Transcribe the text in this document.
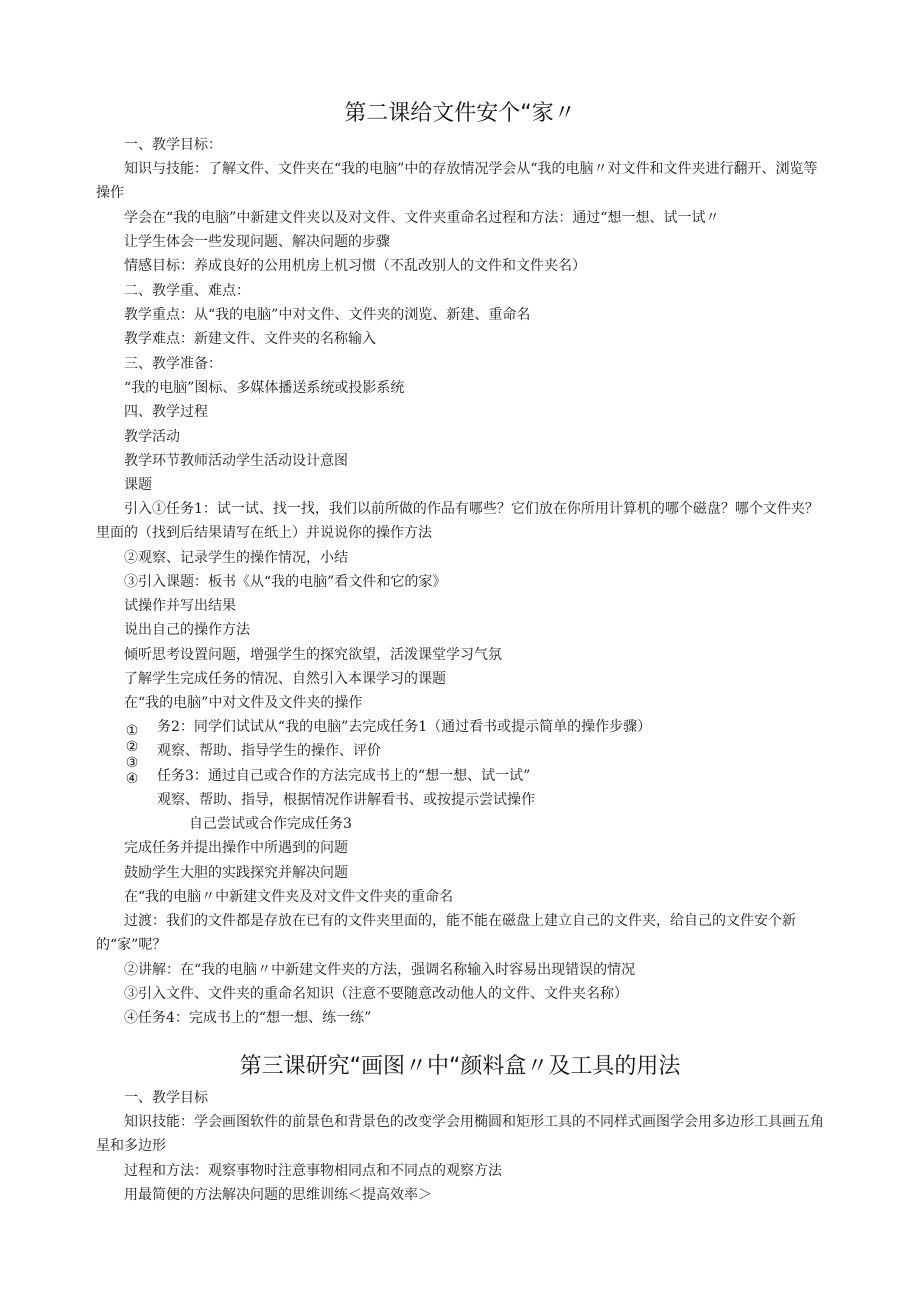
第二课给文件安个“家〃
一、教学目标：
知识与技能：了解文件、文件夹在“我的电脑”中的存放情况学会从“我的电脑〃对文件和文件夹进行翻开、浏览等操作
学会在“我的电脑”中新建文件夹以及对文件、文件夹重命名过程和方法：通过“想一想、试一试〃
让学生体会一些发现问题、解决问题的步骤
情感目标：养成良好的公用机房上机习惯（不乱改别人的文件和文件夹名）
二、教学重、难点：
教学重点：从“我的电脑”中对文件、文件夹的浏览、新建、重命名
教学难点：新建文件、文件夹的名称输入
三、教学准备：
“我的电脑”图标、多媒体播送系统或投影系统
四、教学过程
教学活动
教学环节教师活动学生活动设计意图
课题
引入①任务1：试一试、找一找，我们以前所做的作品有哪些？它们放在你所用计算机的哪个磁盘？哪个文件夹？里面的（找到后结果请写在纸上）并说说你的操作方法
②观察、记录学生的操作情况，小结
③引入课题：板书《从“我的电脑”看文件和它的家》
试操作并写出结果
说出自己的操作方法
倾听思考设置问题，增强学生的探究欲望，活泼课堂学习气氛
了解学生完成任务的情况、自然引入本课学习的课题
在“我的电脑”中对文件及文件夹的操作
①②③④ 务2：同学们试试从“我的电脑”去完成任务1（通过看书或提示简单的操作步骤）
观察、帮助、指导学生的操作、评价
任务3：通过自己或合作的方法完成书上的“想一想、试一试”
观察、帮助、指导，根据情况作讲解看书、或按提示尝试操作
自己尝试或合作完成任务3
完成任务并提出操作中所遇到的问题
鼓励学生大胆的实践探究并解决问题
在“我的电脑〃中新建文件夹及对文件文件夹的重命名
过渡：我们的文件都是存放在已有的文件夹里面的，能不能在磁盘上建立自己的文件夹，给自己的文件安个新的“家”呢？
②讲解：在“我的电脑〃中新建文件夹的方法，强调名称输入时容易出现错误的情况
③引入文件、文件夹的重命名知识（注意不要随意改动他人的文件、文件夹名称）
④任务4：完成书上的“想一想、练一练”
第三课研究“画图〃中“颜料盒〃及工具的用法
一、教学目标
知识技能：学会画图软件的前景色和背景色的改变学会用椭圆和矩形工具的不同样式画图学会用多边形工具画五角星和多边形
过程和方法：观察事物时注意事物相同点和不同点的观察方法
用最简便的方法解决问题的思维训练＜提高效率＞
